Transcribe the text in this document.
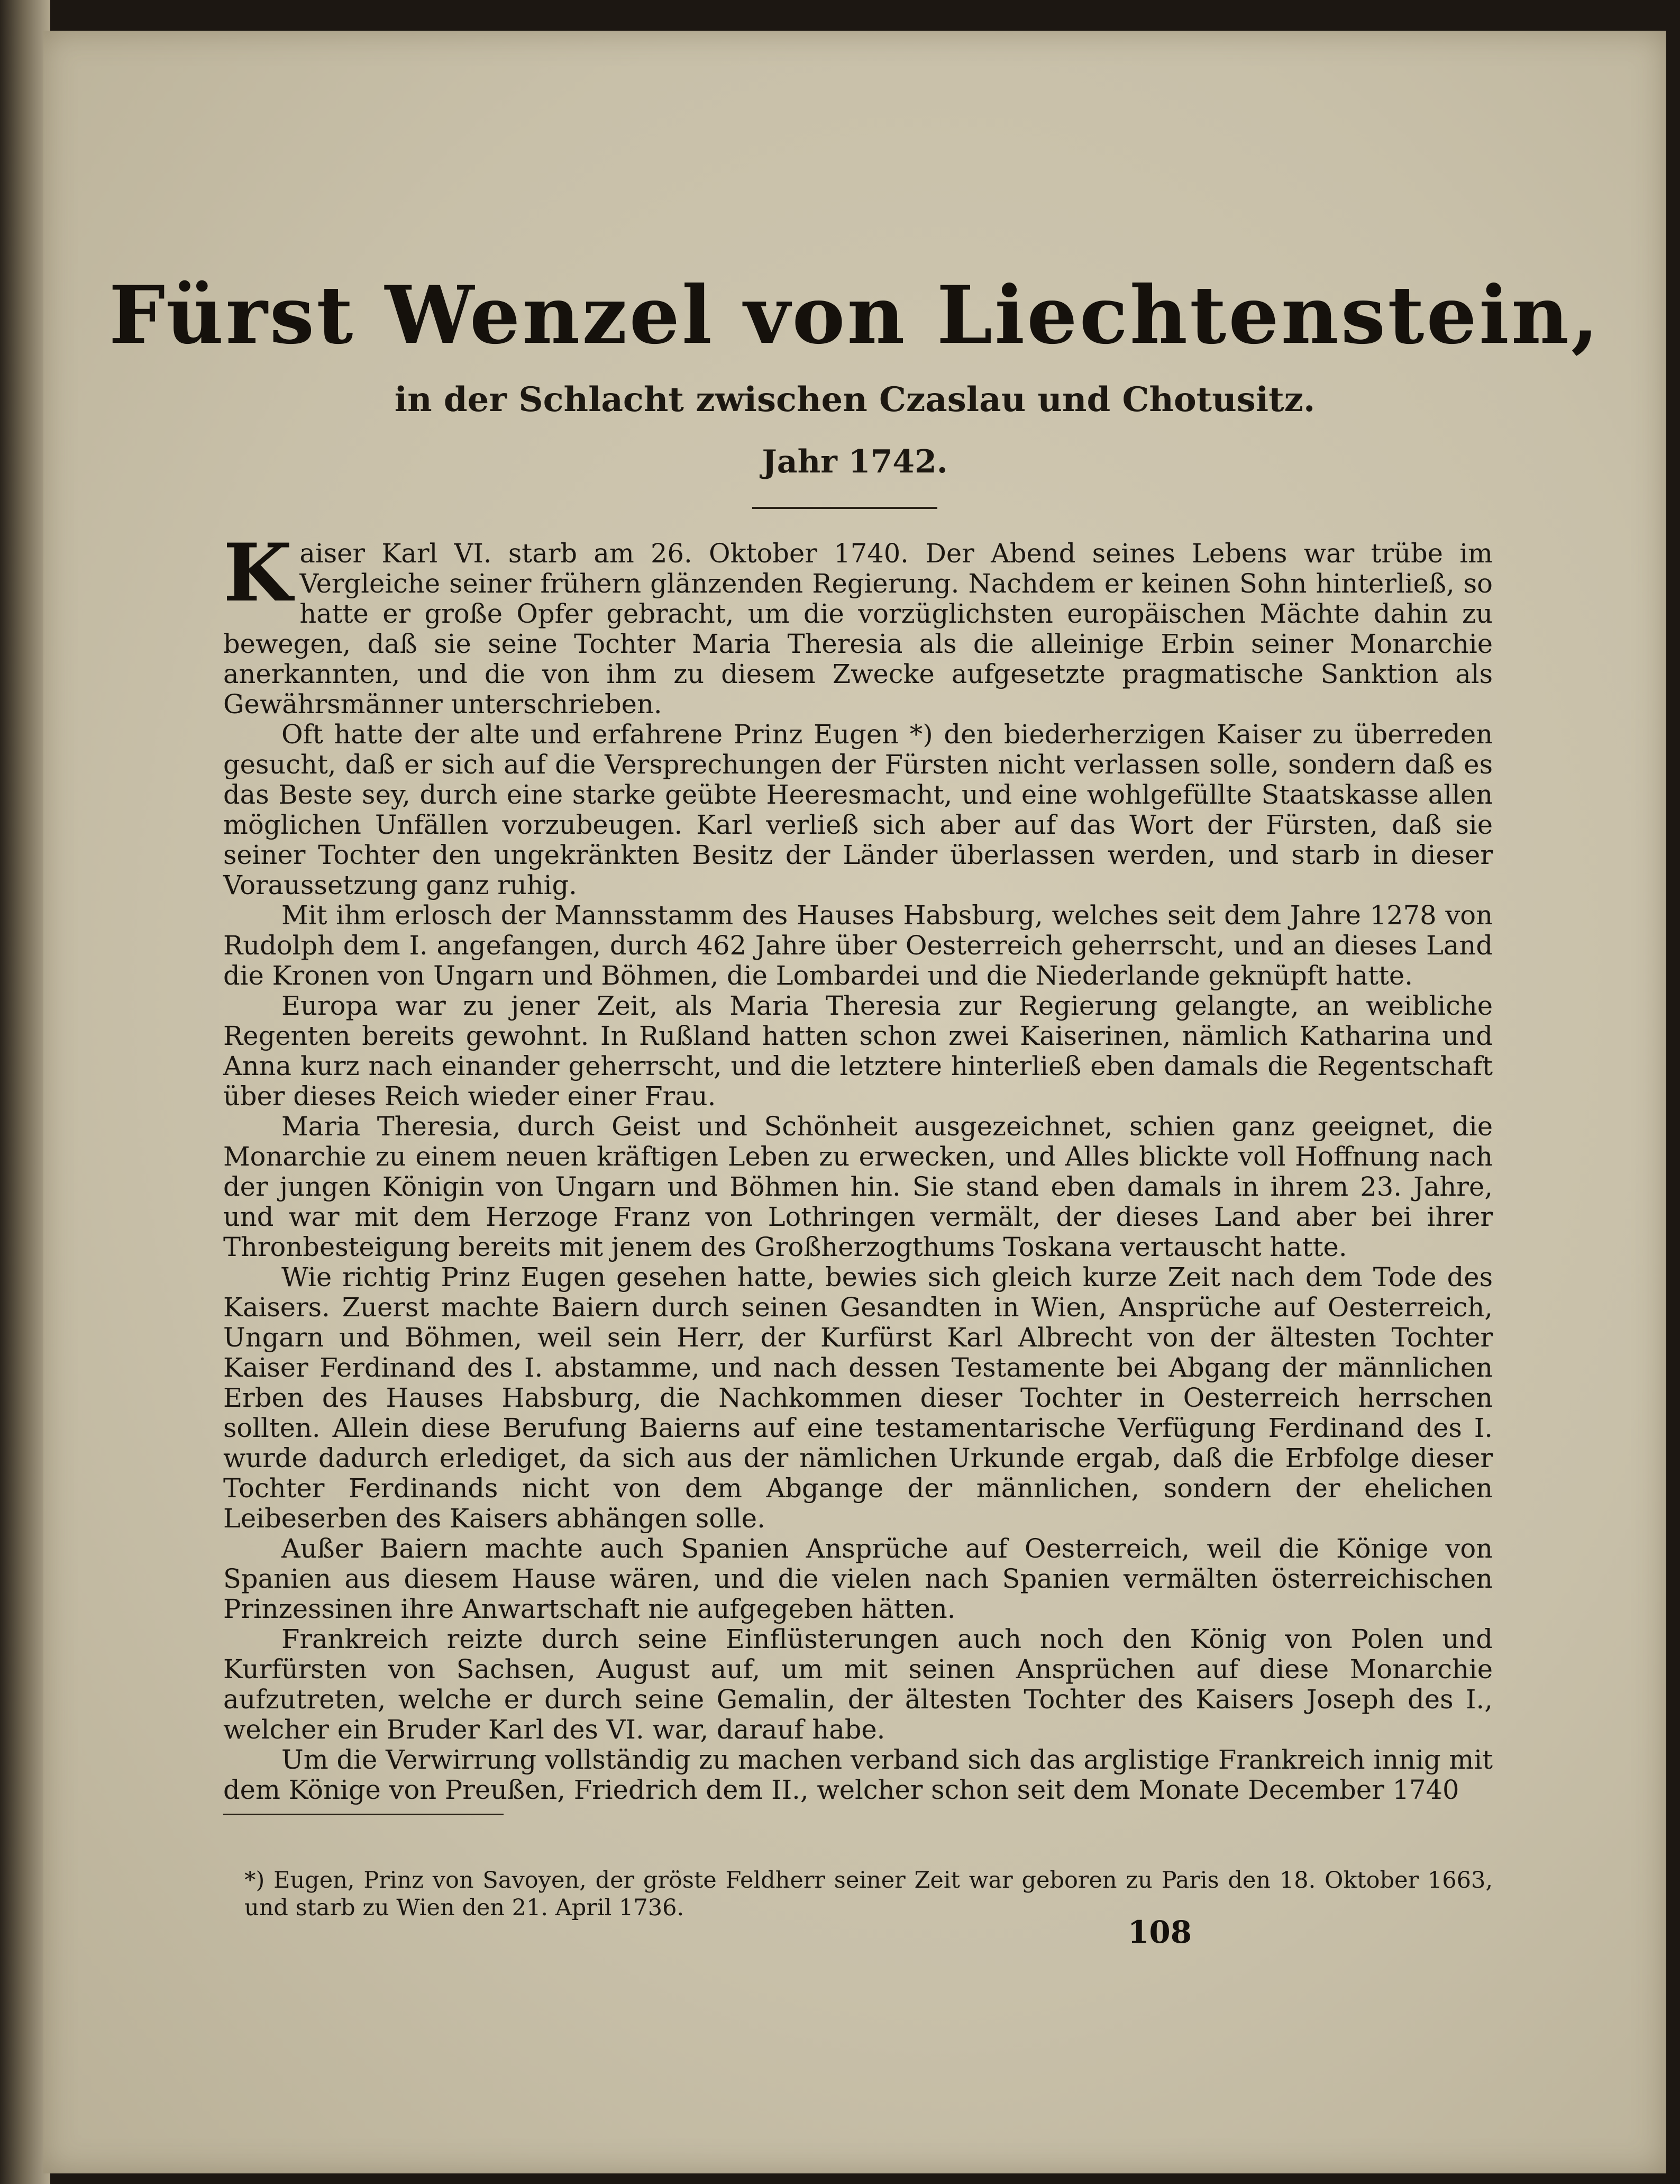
Fürst Wenzel von Liechtenstein,
in der Schlacht zwischen Czaslau und Chotusitz.
Jahr 1742.

Kaiser Karl VI. starb am 26. Oktober 1740. Der Abend seines Lebens war trübe im Vergleiche seiner frühern glänzenden Regierung. Nachdem er keinen Sohn hinterließ, so hatte er große Opfer gebracht, um die vorzüglichsten europäischen Mächte dahin zu bewegen, daß sie seine Tochter Maria Theresia als die alleinige Erbin seiner Monarchie anerkannten, und die von ihm zu diesem Zwecke aufgesetzte pragmatische Sanktion als Gewährsmänner unterschrieben.

Oft hatte der alte und erfahrene Prinz Eugen *) den biederherzigen Kaiser zu überreden gesucht, daß er sich auf die Versprechungen der Fürsten nicht verlassen solle, sondern daß es das Beste sey, durch eine starke geübte Heeresmacht, und eine wohlgefüllte Staatskasse allen möglichen Unfällen vorzubeugen. Karl verließ sich aber auf das Wort der Fürsten, daß sie seiner Tochter den ungekränkten Besitz der Länder überlassen werden, und starb in dieser Voraussetzung ganz ruhig.

Mit ihm erlosch der Mannsstamm des Hauses Habsburg, welches seit dem Jahre 1278 von Rudolph dem I. angefangen, durch 462 Jahre über Oesterreich geherrscht, und an dieses Land die Kronen von Ungarn und Böhmen, die Lombardei und die Niederlande geknüpft hatte.

Europa war zu jener Zeit, als Maria Theresia zur Regierung gelangte, an weibliche Regenten bereits gewohnt. In Rußland hatten schon zwei Kaiserinen, nämlich Katharina und Anna kurz nach einander geherrscht, und die letztere hinterließ eben damals die Regentschaft über dieses Reich wieder einer Frau.

Maria Theresia, durch Geist und Schönheit ausgezeichnet, schien ganz geeignet, die Monarchie zu einem neuen kräftigen Leben zu erwecken, und Alles blickte voll Hoffnung nach der jungen Königin von Ungarn und Böhmen hin. Sie stand eben damals in ihrem 23. Jahre, und war mit dem Herzoge Franz von Lothringen vermält, der dieses Land aber bei ihrer Thronbesteigung bereits mit jenem des Großherzogthums Toskana vertauscht hatte.

Wie richtig Prinz Eugen gesehen hatte, bewies sich gleich kurze Zeit nach dem Tode des Kaisers. Zuerst machte Baiern durch seinen Gesandten in Wien, Ansprüche auf Oesterreich, Ungarn und Böhmen, weil sein Herr, der Kurfürst Karl Albrecht von der ältesten Tochter Kaiser Ferdinand des I. abstamme, und nach dessen Testamente bei Abgang der männlichen Erben des Hauses Habsburg, die Nachkommen dieser Tochter in Oesterreich herrschen sollten. Allein diese Berufung Baierns auf eine testamentarische Verfügung Ferdinand des I. wurde dadurch erlediget, da sich aus der nämlichen Urkunde ergab, daß die Erbfolge dieser Tochter Ferdinands nicht von dem Abgange der männlichen, sondern der ehelichen Leibeserben des Kaisers abhängen solle.

Außer Baiern machte auch Spanien Ansprüche auf Oesterreich, weil die Könige von Spanien aus diesem Hause wären, und die vielen nach Spanien vermälten österreichischen Prinzessinen ihre Anwartschaft nie aufgegeben hätten.

Frankreich reizte durch seine Einflüsterungen auch noch den König von Polen und Kurfürsten von Sachsen, August auf, um mit seinen Ansprüchen auf diese Monarchie aufzutreten, welche er durch seine Gemalin, der ältesten Tochter des Kaisers Joseph des I., welcher ein Bruder Karl des VI. war, darauf habe.

Um die Verwirrung vollständig zu machen verband sich das arglistige Frankreich innig mit dem Könige von Preußen, Friedrich dem II., welcher schon seit dem Monate December 1740

*) Eugen, Prinz von Savoyen, der gröste Feldherr seiner Zeit war geboren zu Paris den 18. Oktober 1663, und starb zu Wien den 21. April 1736.

108
